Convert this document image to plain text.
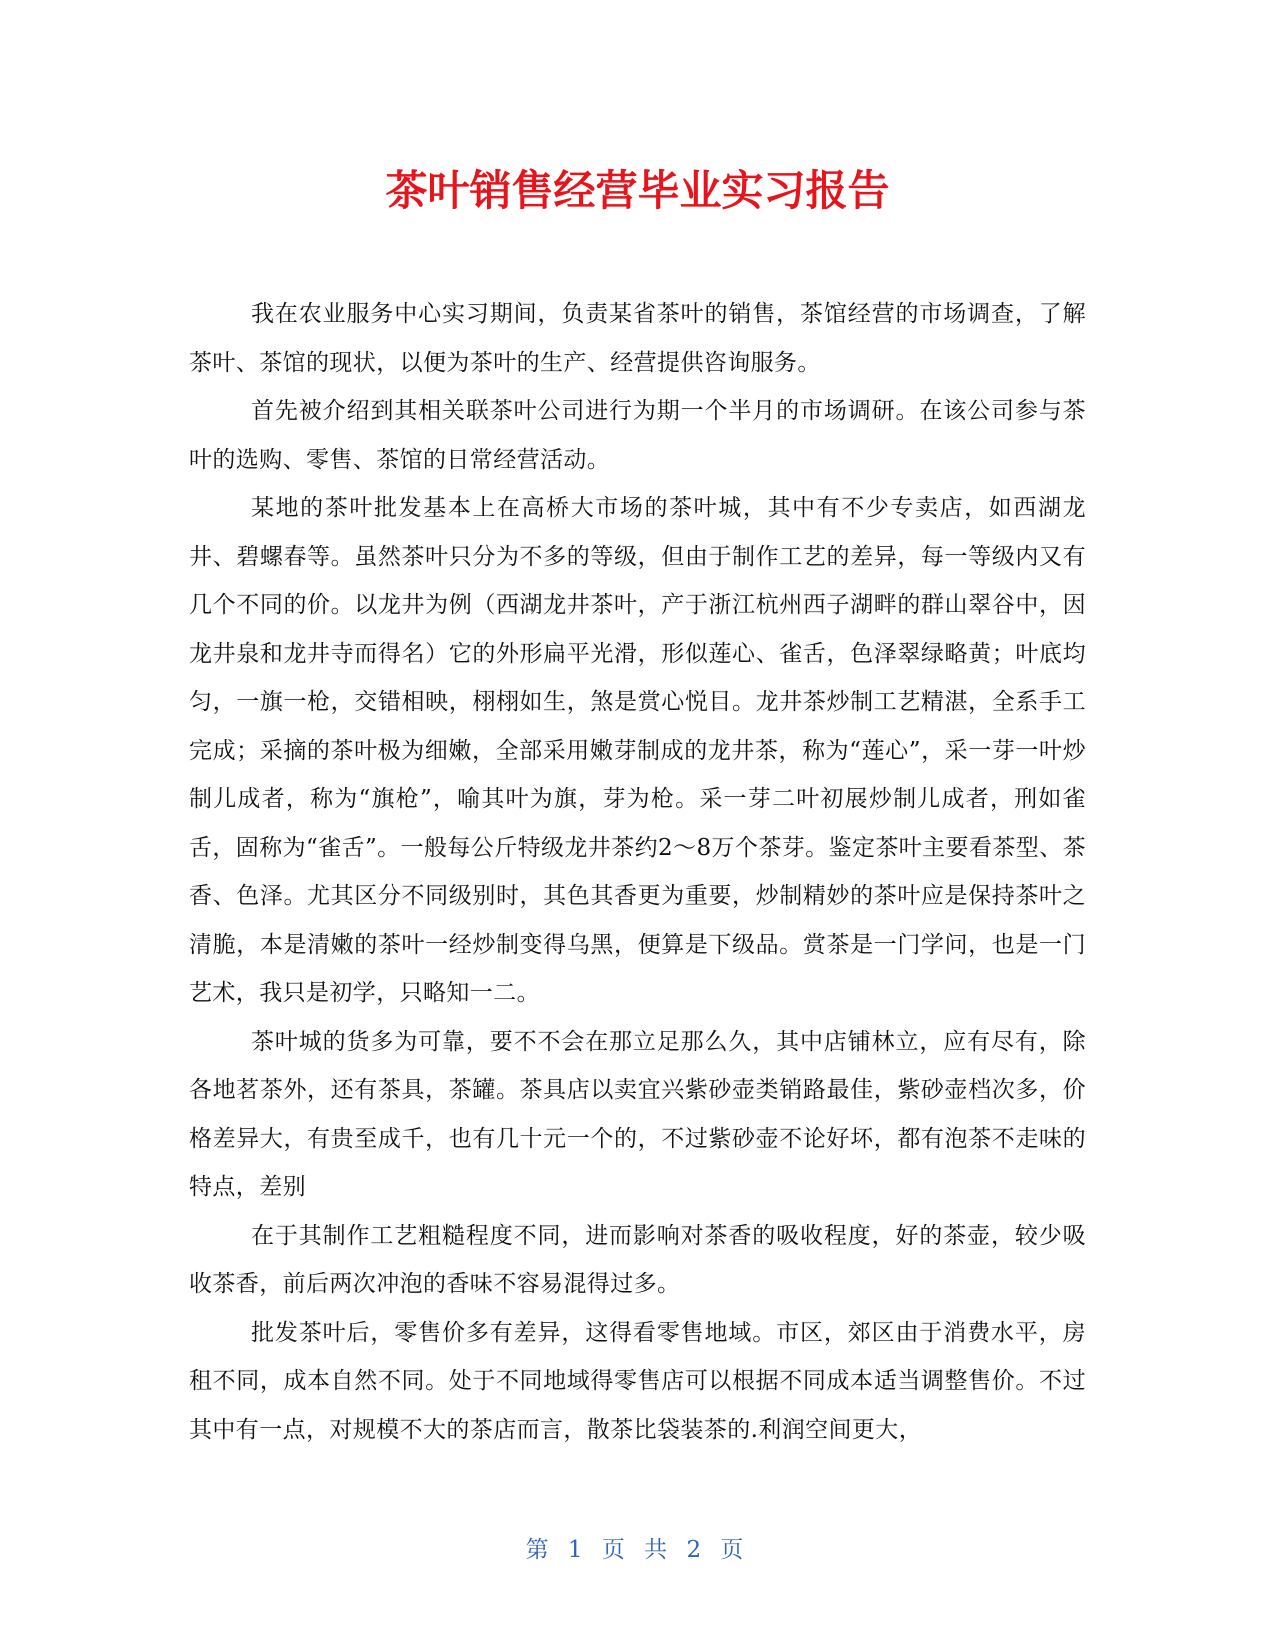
茶叶销售经营毕业实习报告

我在农业服务中心实习期间，负责某省茶叶的销售，茶馆经营的市场调查，了解茶叶、茶馆的现状，以便为茶叶的生产、经营提供咨询服务。

首先被介绍到其相关联茶叶公司进行为期一个半月的市场调研。在该公司参与茶叶的选购、零售、茶馆的日常经营活动。

某地的茶叶批发基本上在高桥大市场的茶叶城，其中有不少专卖店，如西湖龙井、碧螺春等。虽然茶叶只分为不多的等级，但由于制作工艺的差异，每一等级内又有几个不同的价。以龙井为例（西湖龙井茶叶，产于浙江杭州西子湖畔的群山翠谷中，因龙井泉和龙井寺而得名）它的外形扁平光滑，形似莲心、雀舌，色泽翠绿略黄；叶底均匀，一旗一枪，交错相映，栩栩如生，煞是赏心悦目。龙井茶炒制工艺精湛，全系手工完成；采摘的茶叶极为细嫩，全部采用嫩芽制成的龙井茶，称为“莲心”，采一芽一叶炒制儿成者，称为“旗枪”，喻其叶为旗，芽为枪。采一芽二叶初展炒制儿成者，刑如雀舌，固称为“雀舌”。一般每公斤特级龙井茶约2～8万个茶芽。鉴定茶叶主要看茶型、茶香、色泽。尤其区分不同级别时，其色其香更为重要，炒制精妙的茶叶应是保持茶叶之清脆，本是清嫩的茶叶一经炒制变得乌黑，便算是下级品。赏茶是一门学问，也是一门艺术，我只是初学，只略知一二。

茶叶城的货多为可靠，要不不会在那立足那么久，其中店铺林立，应有尽有，除各地茗茶外，还有茶具，茶罐。茶具店以卖宜兴紫砂壶类销路最佳，紫砂壶档次多，价格差异大，有贵至成千，也有几十元一个的，不过紫砂壶不论好坏，都有泡茶不走味的特点，差别

在于其制作工艺粗糙程度不同，进而影响对茶香的吸收程度，好的茶壶，较少吸收茶香，前后两次冲泡的香味不容易混得过多。

批发茶叶后，零售价多有差异，这得看零售地域。市区，郊区由于消费水平，房租不同，成本自然不同。处于不同地域得零售店可以根据不同成本适当调整售价。不过其中有一点，对规模不大的茶店而言，散茶比袋装茶的.利润空间更大，

第 1 页 共 2 页
